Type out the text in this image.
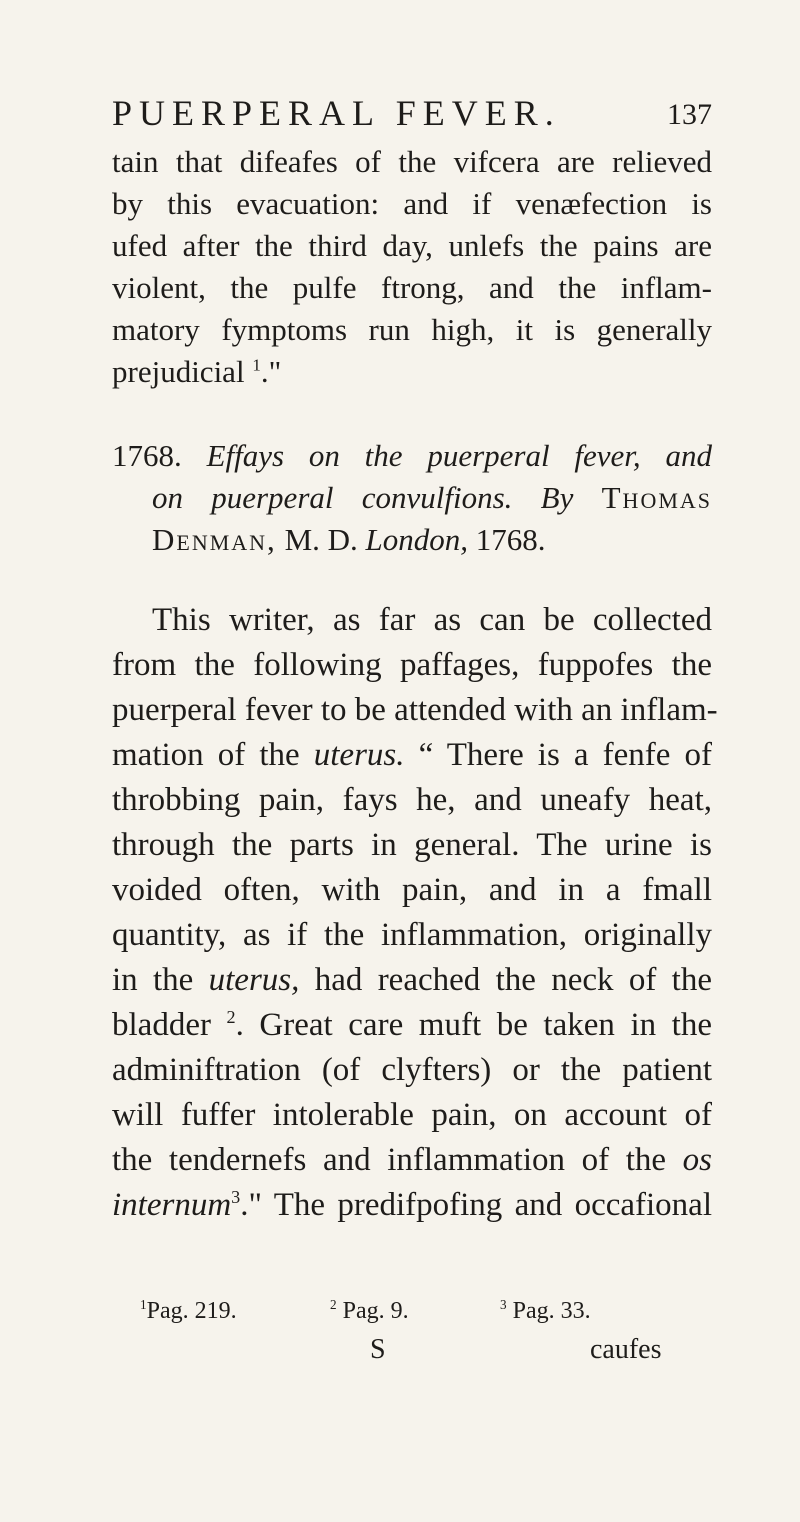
PUERPERAL FEVER.	137
tain that difeafes of the vifcera are relieved
by this evacuation: and if venæfection is
ufed after the third day, unlefs the pains are
violent, the pulfe ftrong, and the inflam-
matory fymptoms run high, it is generally
prejudicial $^1$."
1768. Effays on the puerperal fever, and
on puerperal convulfions. By Thomas
Denman, M. D. London, 1768.
This writer, as far as can be collected
from the following paffages, fuppofes the
puerperal fever to be attended with an inflam-
mation of the uterus. “ There is a fenfe of
throbbing pain, fays he, and uneafy heat,
through the parts in general. The urine is
voided often, with pain, and in a fmall
quantity, as if the inflammation, originally
in the uterus, had reached the neck of the
bladder $^2$. Great care muft be taken in the
adminiftration (of clyfters) or the patient
will fuffer intolerable pain, on account of
the tendernefs and inflammation of the os
internum$^3$." The predifpofing and occafional
$^1$Pag. 219.	$^2$ Pag. 9.	$^3$ Pag. 33.
S	caufes
